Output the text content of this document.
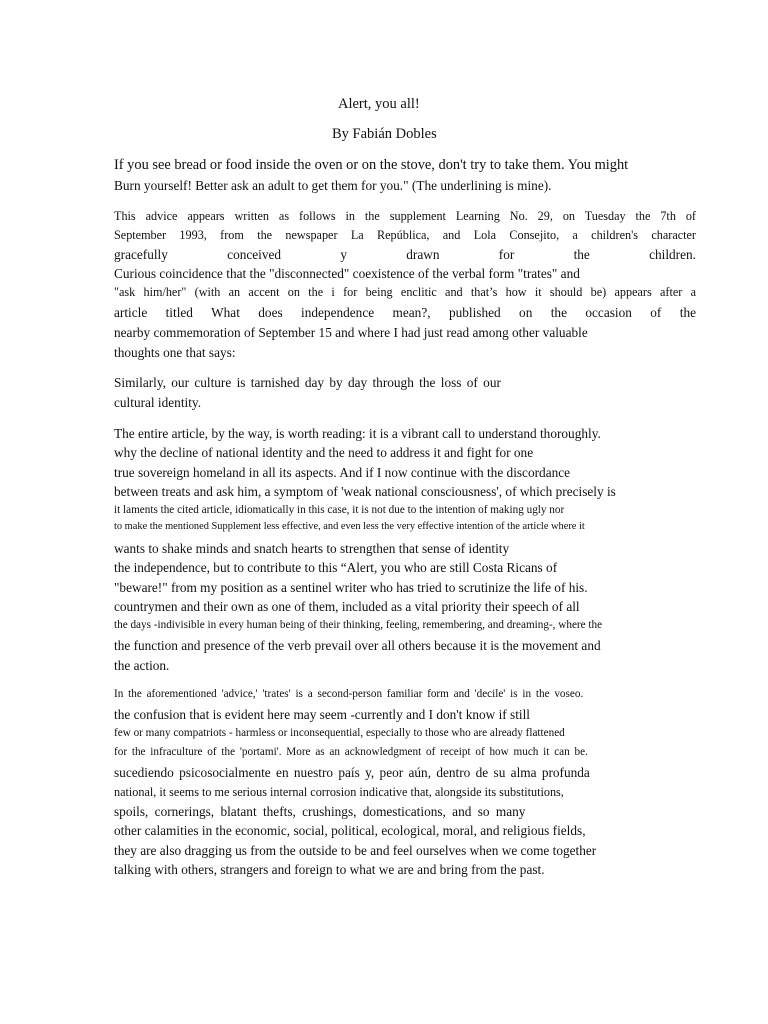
Alert, you all!
By Fabián Dobles
If you see bread or food inside the oven or on the stove, don't try to take them. You might
Burn yourself! Better ask an adult to get them for you." (The underlining is mine).
This advice appears written as follows in the supplement Learning No. 29, on Tuesday the 7th of
September 1993, from the newspaper La República, and Lola Consejito, a children's character
gracefully conceived y drawn for the children.
Curious coincidence that the "disconnected" coexistence of the verbal form "trates" and
"ask him/her" (with an accent on the i for being enclitic and that’s how it should be) appears after a
article titled What does independence mean?, published on the occasion of the
nearby commemoration of September 15 and where I had just read among other valuable
thoughts one that says:
Similarly, our culture is tarnished day by day through the loss of our
cultural identity.
The entire article, by the way, is worth reading: it is a vibrant call to understand thoroughly.
why the decline of national identity and the need to address it and fight for one
true sovereign homeland in all its aspects. And if I now continue with the discordance
between treats and ask him, a symptom of 'weak national consciousness', of which precisely is
it laments the cited article, idiomatically in this case, it is not due to the intention of making ugly nor
to make the mentioned Supplement less effective, and even less the very effective intention of the article where it
wants to shake minds and snatch hearts to strengthen that sense of identity
the independence, but to contribute to this “Alert, you who are still Costa Ricans of
"beware!" from my position as a sentinel writer who has tried to scrutinize the life of his.
countrymen and their own as one of them, included as a vital priority their speech of all
the days -indivisible in every human being of their thinking, feeling, remembering, and dreaming-, where the
the function and presence of the verb prevail over all others because it is the movement and
the action.
In the aforementioned 'advice,' 'trates' is a second-person familiar form and 'decile' is in the voseo.
the confusion that is evident here may seem -currently and I don't know if still
few or many compatriots - harmless or inconsequential, especially to those who are already flattened
for the infraculture of the 'portami'. More as an acknowledgment of receipt of how much it can be.
sucediendo psicosocialmente en nuestro país y, peor aún, dentro de su alma profunda
national, it seems to me serious internal corrosion indicative that, alongside its substitutions,
spoils, cornerings, blatant thefts, crushings, domestications, and so many
other calamities in the economic, social, political, ecological, moral, and religious fields,
they are also dragging us from the outside to be and feel ourselves when we come together
talking with others, strangers and foreign to what we are and bring from the past.
